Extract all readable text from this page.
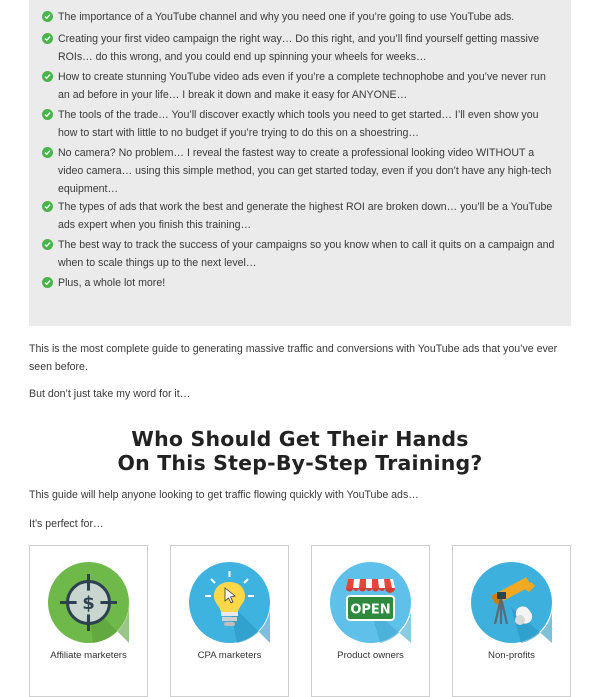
The importance of a YouTube channel and why you need one if you’re going to use YouTube ads.
Creating your first video campaign the right way… Do this right, and you’ll find yourself getting massive ROIs… do this wrong, and you could end up spinning your wheels for weeks…
How to create stunning YouTube video ads even if you’re a complete technophobe and you’ve never run an ad before in your life… I break it down and make it easy for ANYONE…
The tools of the trade… You’ll discover exactly which tools you need to get started… I’ll even show you how to start with little to no budget if you’re trying to do this on a shoestring…
No camera? No problem… I reveal the fastest way to create a professional looking video WITHOUT a video camera… using this simple method, you can get started today, even if you don’t have any high-tech equipment…
The types of ads that work the best and generate the highest ROI are broken down… you’ll be a YouTube ads expert when you finish this training…
The best way to track the success of your campaigns so you know when to call it quits on a campaign and when to scale things up to the next level…
Plus, a whole lot more!
This is the most complete guide to generating massive traffic and conversions with YouTube ads that you’ve ever seen before.
But don’t just take my word for it…
Who Should Get Their Hands
On This Step-By-Step Training?
This guide will help anyone looking to get traffic flowing quickly with YouTube ads…
It’s perfect for…
$
Affiliate marketers	CPA marketers
OPEN
Product owners	Non-profits
